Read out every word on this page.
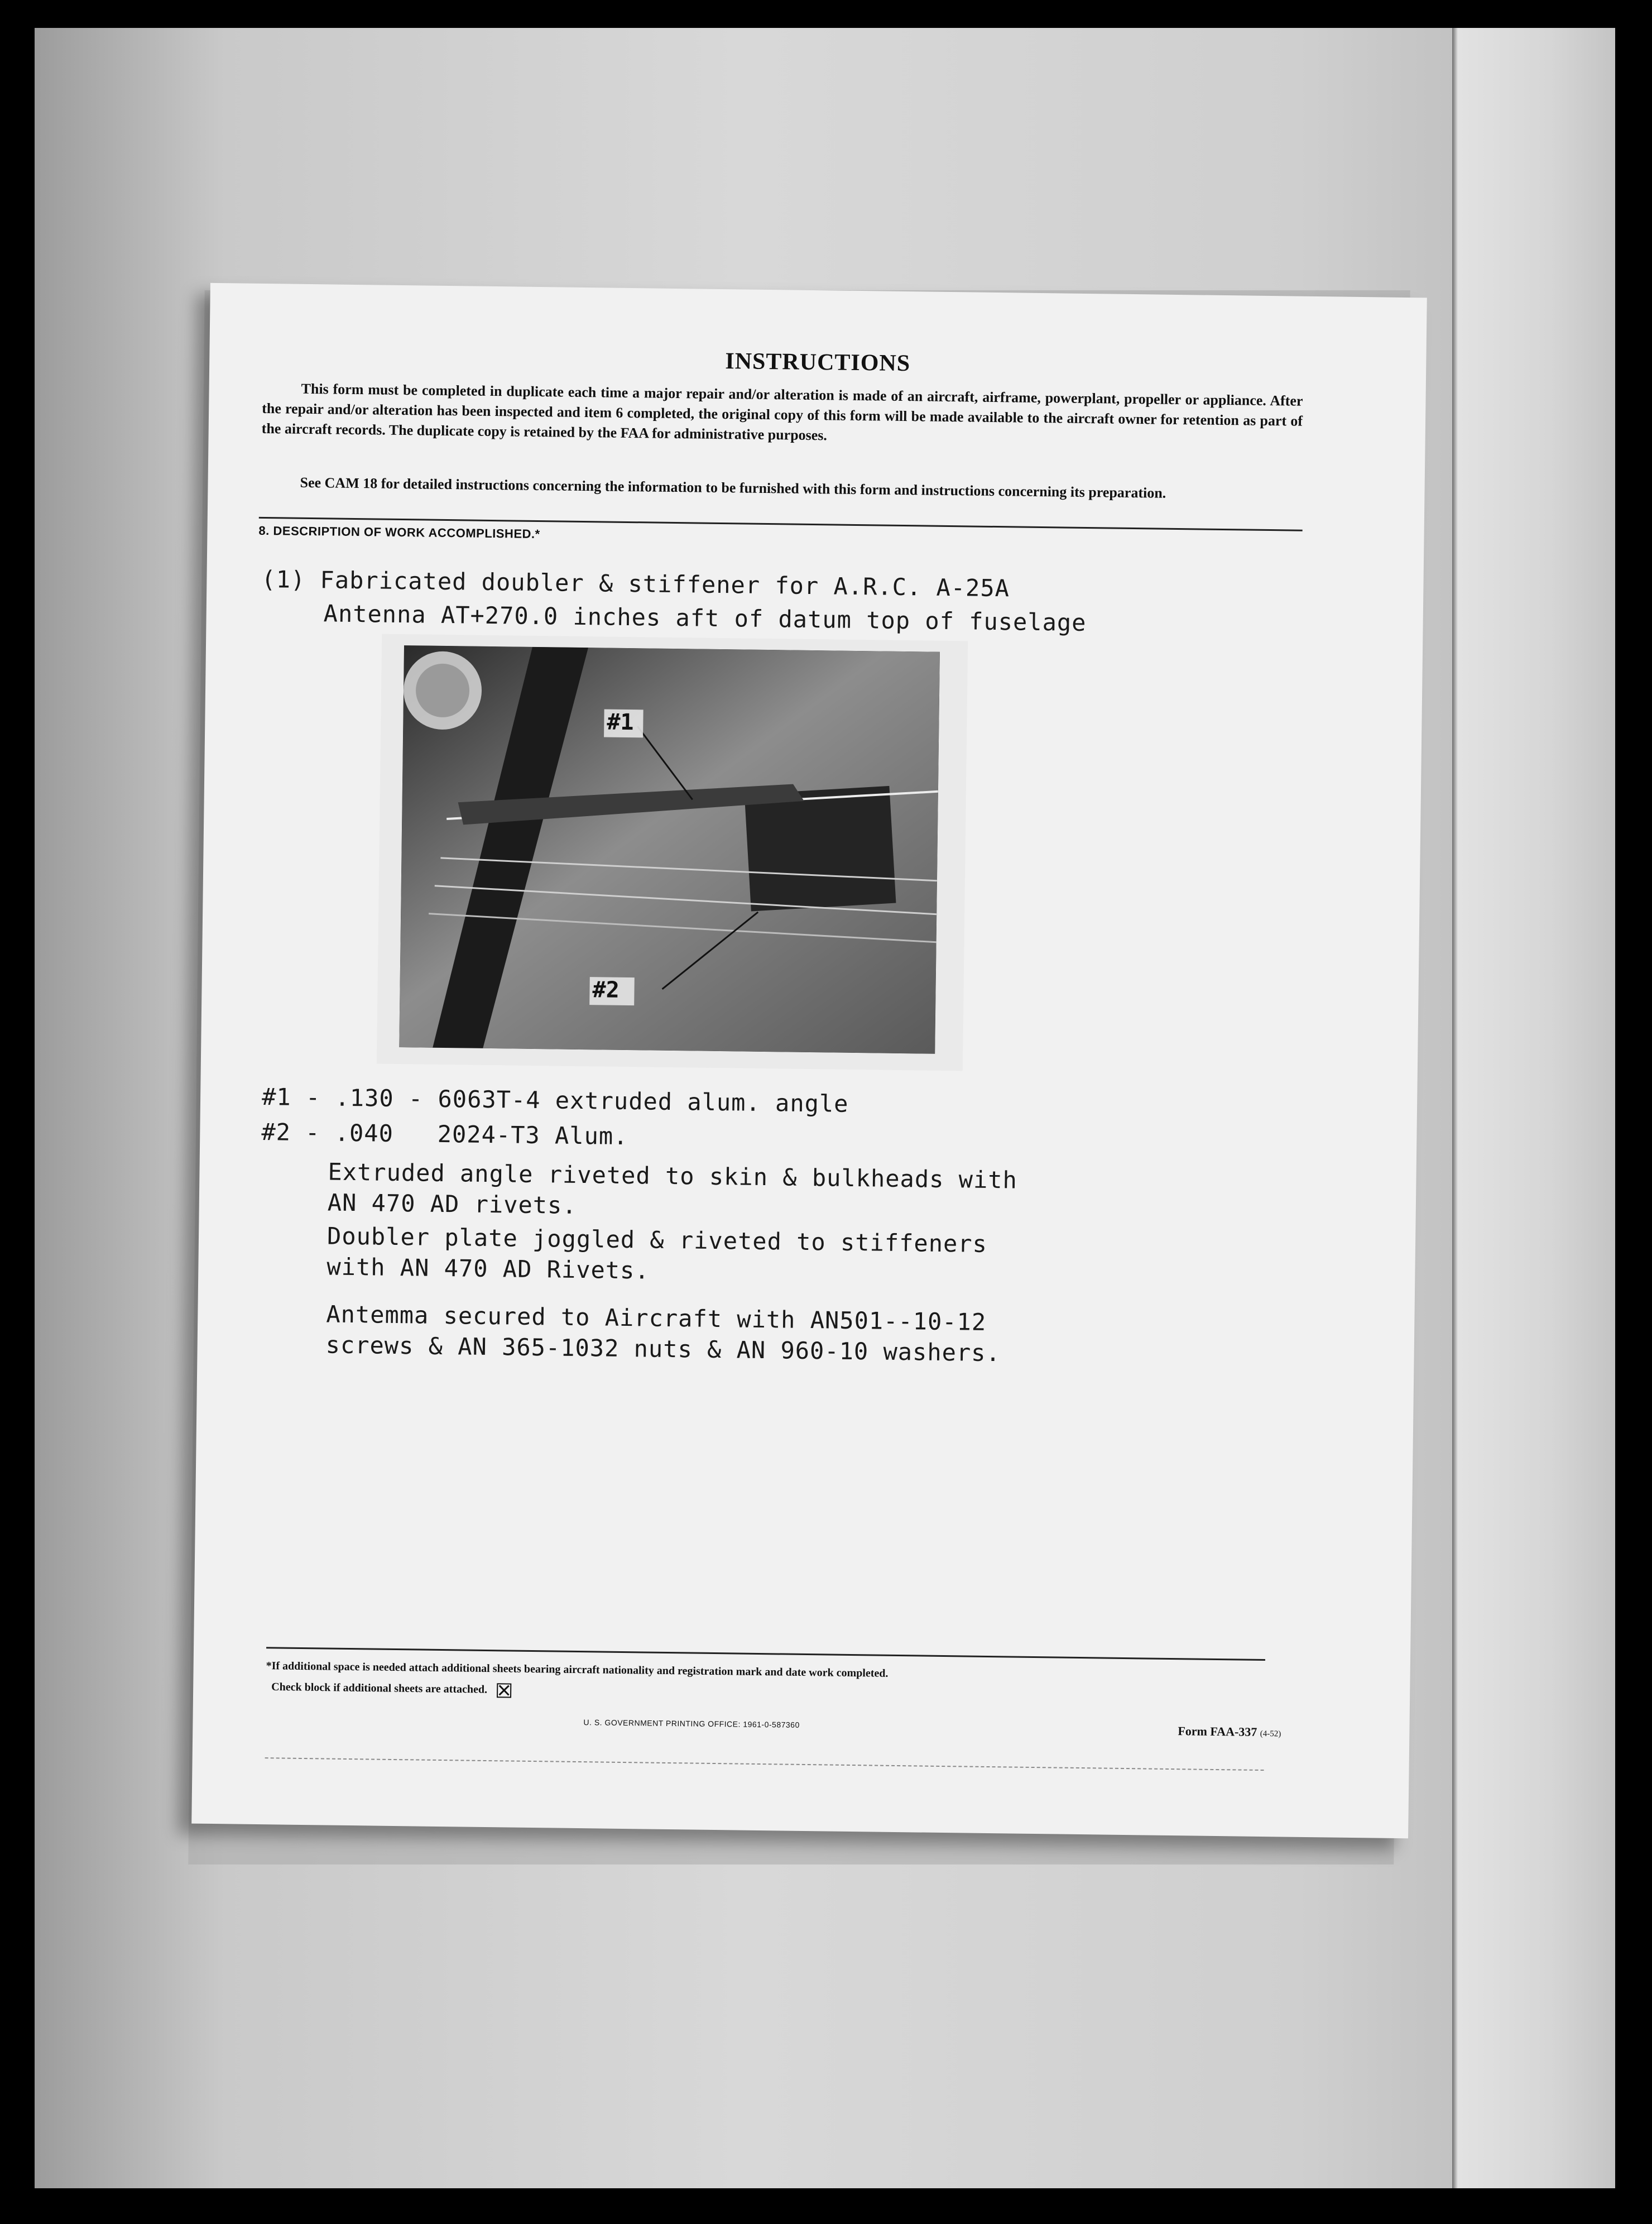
INSTRUCTIONS
This form must be completed in duplicate each time a major repair and/or alteration is made of an aircraft, airframe, powerplant, propeller or appliance. After the repair and/or alteration has been inspected and item 6 completed, the original copy of this form will be made available to the aircraft owner for retention as part of the aircraft records. The duplicate copy is retained by the FAA for administrative purposes.
See CAM 18 for detailed instructions concerning the information to be furnished with this form and instructions concerning its preparation.
8. DESCRIPTION OF WORK ACCOMPLISHED.*
(1) Fabricated doubler & stiffener for A.R.C. A-25A
Antenna AT+270.0 inches aft of datum top of fuselage
#1
#2
#1 - .130 - 6063T-4 extruded alum. angle
#2 - .040   2024-T3 Alum.
Extruded angle riveted to skin & bulkheads with
AN 470 AD rivets.
Doubler plate joggled & riveted to stiffeners
with AN 470 AD Rivets.
Antemma secured to Aircraft with AN501--10-12
screws & AN 365-1032 nuts & AN 960-10 washers.
*If additional space is needed attach additional sheets bearing aircraft nationality and registration mark and date work completed.
Check block if additional sheets are attached.
U. S. GOVERNMENT PRINTING OFFICE: 1961-0-587360
Form FAA-337 (4-52)
